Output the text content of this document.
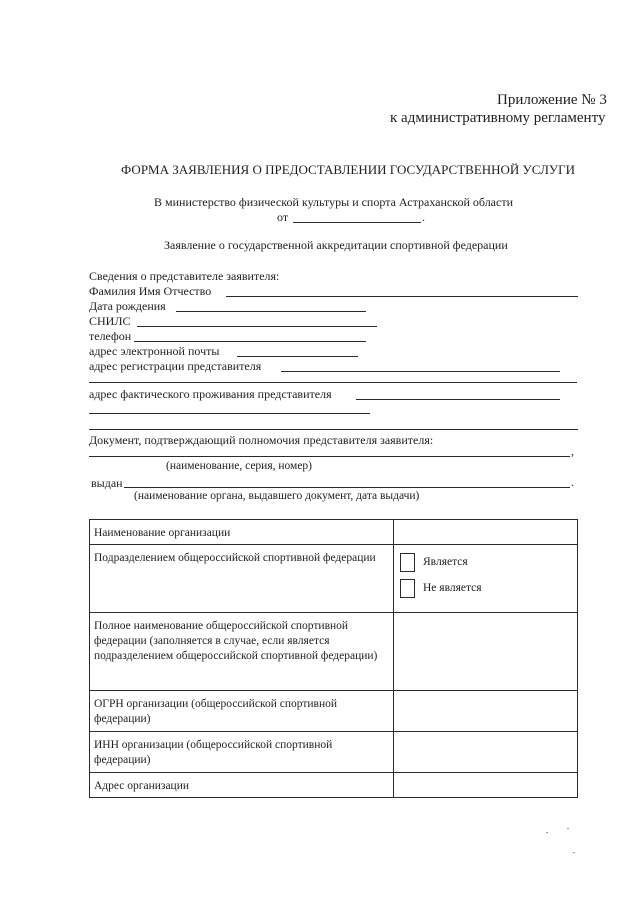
Приложение № 3
к административному регламенту
ФОРМА ЗАЯВЛЕНИЯ О ПРЕДОСТАВЛЕНИИ ГОСУДАРСТВЕННОЙ УСЛУГИ
В министерство физической культуры и спорта Астраханской области
от	.
Заявление о государственной аккредитации спортивной федерации
Сведения о представителе заявителя:
Фамилия Имя Отчество
Дата рождения
СНИЛС
телефон
адрес электронной почты
адрес регистрации представителя
адрес фактического проживания представителя
Документ, подтверждающий полномочия представителя заявителя:
,
(наименование, серия, номер)
выдан	.
(наименование органа, выдавшего документ, дата выдачи)
Наименование организации	
Подразделением общероссийской спортивной федерации	Является
Не является

Полное наименование общероссийской спортивной федерации (заполняется в случае, если является подразделением общероссийской спортивной федерации)	
ОГРН организации (общероссийской спортивной федерации)	
ИНН организации (общероссийской спортивной федерации)	
Адрес организации	
